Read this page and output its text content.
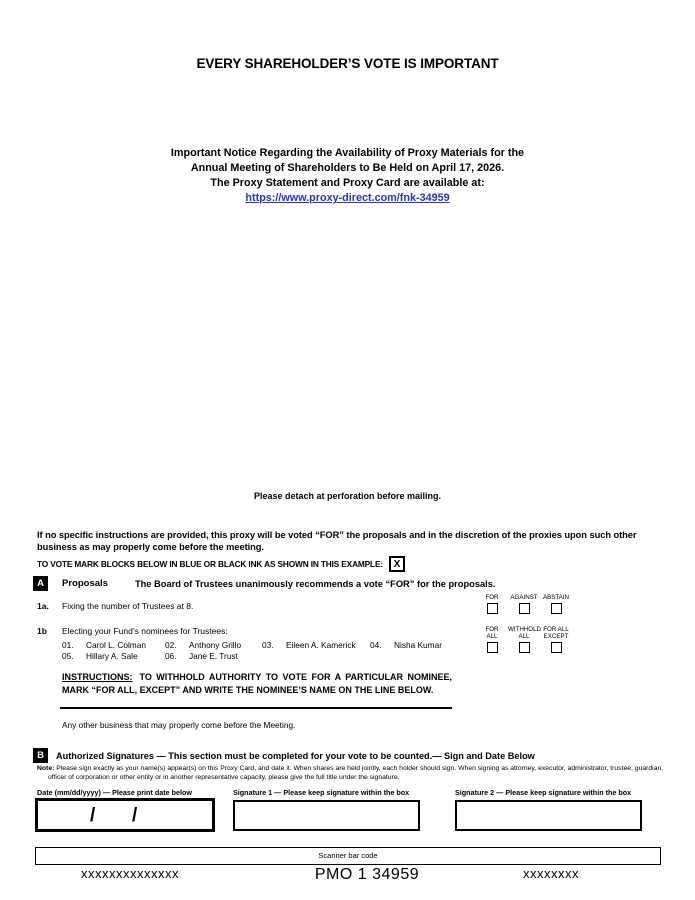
EVERY SHAREHOLDER’S VOTE IS IMPORTANT
Important Notice Regarding the Availability of Proxy Materials for the
Annual Meeting of Shareholders to Be Held on April 17, 2026.
The Proxy Statement and Proxy Card are available at:
https://www.proxy-direct.com/fnk-34959
Please detach at perforation before mailing.
If no specific instructions are provided, this proxy will be voted “FOR” the proposals and in the discretion of the proxies upon such other business as may properly come before the meeting.
TO VOTE MARK BLOCKS BELOW IN BLUE OR BLACK INK AS SHOWN IN THIS EXAMPLE: X
A	Proposals	The Board of Trustees unanimously recommends a vote “FOR” for the proposals.
1a. Fixing the number of Trustees at 8.
FOR AGAINST ABSTAIN
1b Electing your Fund’s nominees for Trustees:
01.	Carol L. Colman 02.	Anthony Grillo	03.	Eileen A. Kamerick 04.	Nisha Kumar
05.	Hillary A. Sale	06.	Jane E. Trust
FOR ALL
WITHHOLD ALL
FOR ALL EXCEPT
INSTRUCTIONS: TO WITHHOLD AUTHORITY TO VOTE FOR A PARTICULAR NOMINEE, MARK “FOR ALL, EXCEPT” AND WRITE THE NOMINEE’S NAME ON THE LINE BELOW.
Any other business that may properly come before the Meeting.
B	Authorized Signatures — This section must be completed for your vote to be counted.— Sign and Date Below
Note: Please sign exactly as your name(s) appear(s) on this Proxy Card, and date it. When shares are held jointly, each holder should sign. When signing as attorney, executor, administrator, trustee, guardian, officer of corporation or other entity or in another representative capacity, please give the full title under the signature.
Date (mm/dd/yyyy) — Please print date below	Signature 1 — Please keep signature within the box	Signature 2 — Please keep signature within the box
/ /
Scanner bar code
xxxxxxxxxxxxxx	PMO 1 34959	xxxxxxxx
